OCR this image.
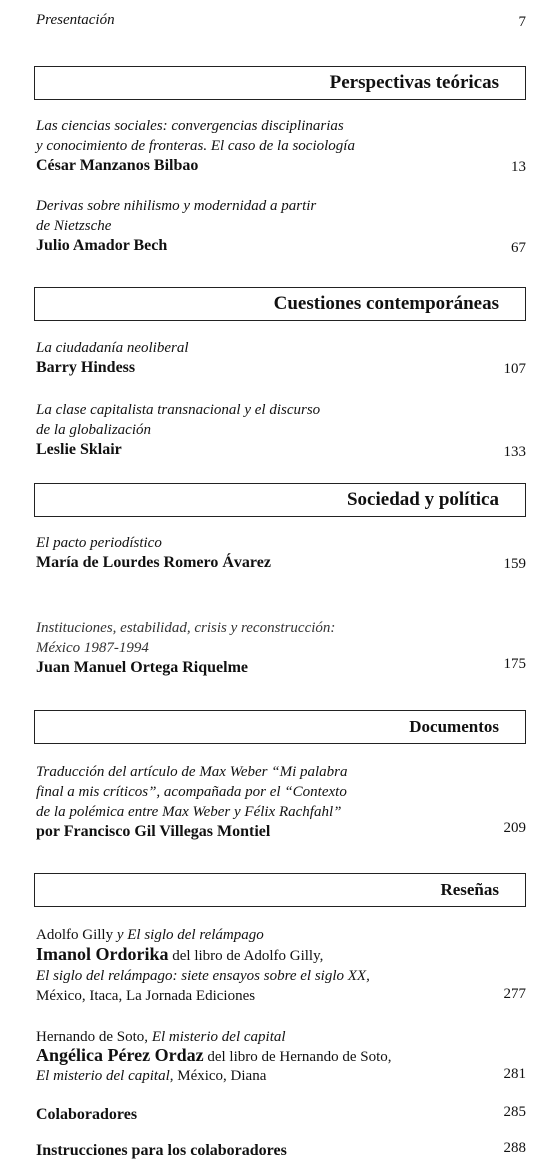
Presentación	7
Perspectivas teóricas
Las ciencias sociales: convergencias disciplinarias
y conocimiento de fronteras. El caso de la sociología
César Manzanos Bilbao	13
Derivas sobre nihilismo y modernidad a partir
de Nietzsche
Julio Amador Bech	67
Cuestiones contemporáneas
La ciudadanía neoliberal
Barry Hindess	107
La clase capitalista transnacional y el discurso
de la globalización
Leslie Sklair	133
Sociedad y política
El pacto periodístico
María de Lourdes Romero Ávarez	159
Instituciones, estabilidad, crisis y reconstrucción:
México 1987-1994
Juan Manuel Ortega Riquelme	175
Documentos
Traducción del artículo de Max Weber “Mi palabra
final a mis críticos”, acompañada por el “Contexto
de la polémica entre Max Weber y Félix Rachfahl”
por Francisco Gil Villegas Montiel	209
Reseñas
Adolfo Gilly y El siglo del relámpago
Imanol Ordorika del libro de Adolfo Gilly,
El siglo del relámpago: siete ensayos sobre el siglo XX,
México, Itaca, La Jornada Ediciones	277
Hernando de Soto, El misterio del capital
Angélica Pérez Ordaz del libro de Hernando de Soto,
El misterio del capital, México, Diana	281
Colaboradores	285
Instrucciones para los colaboradores	288
